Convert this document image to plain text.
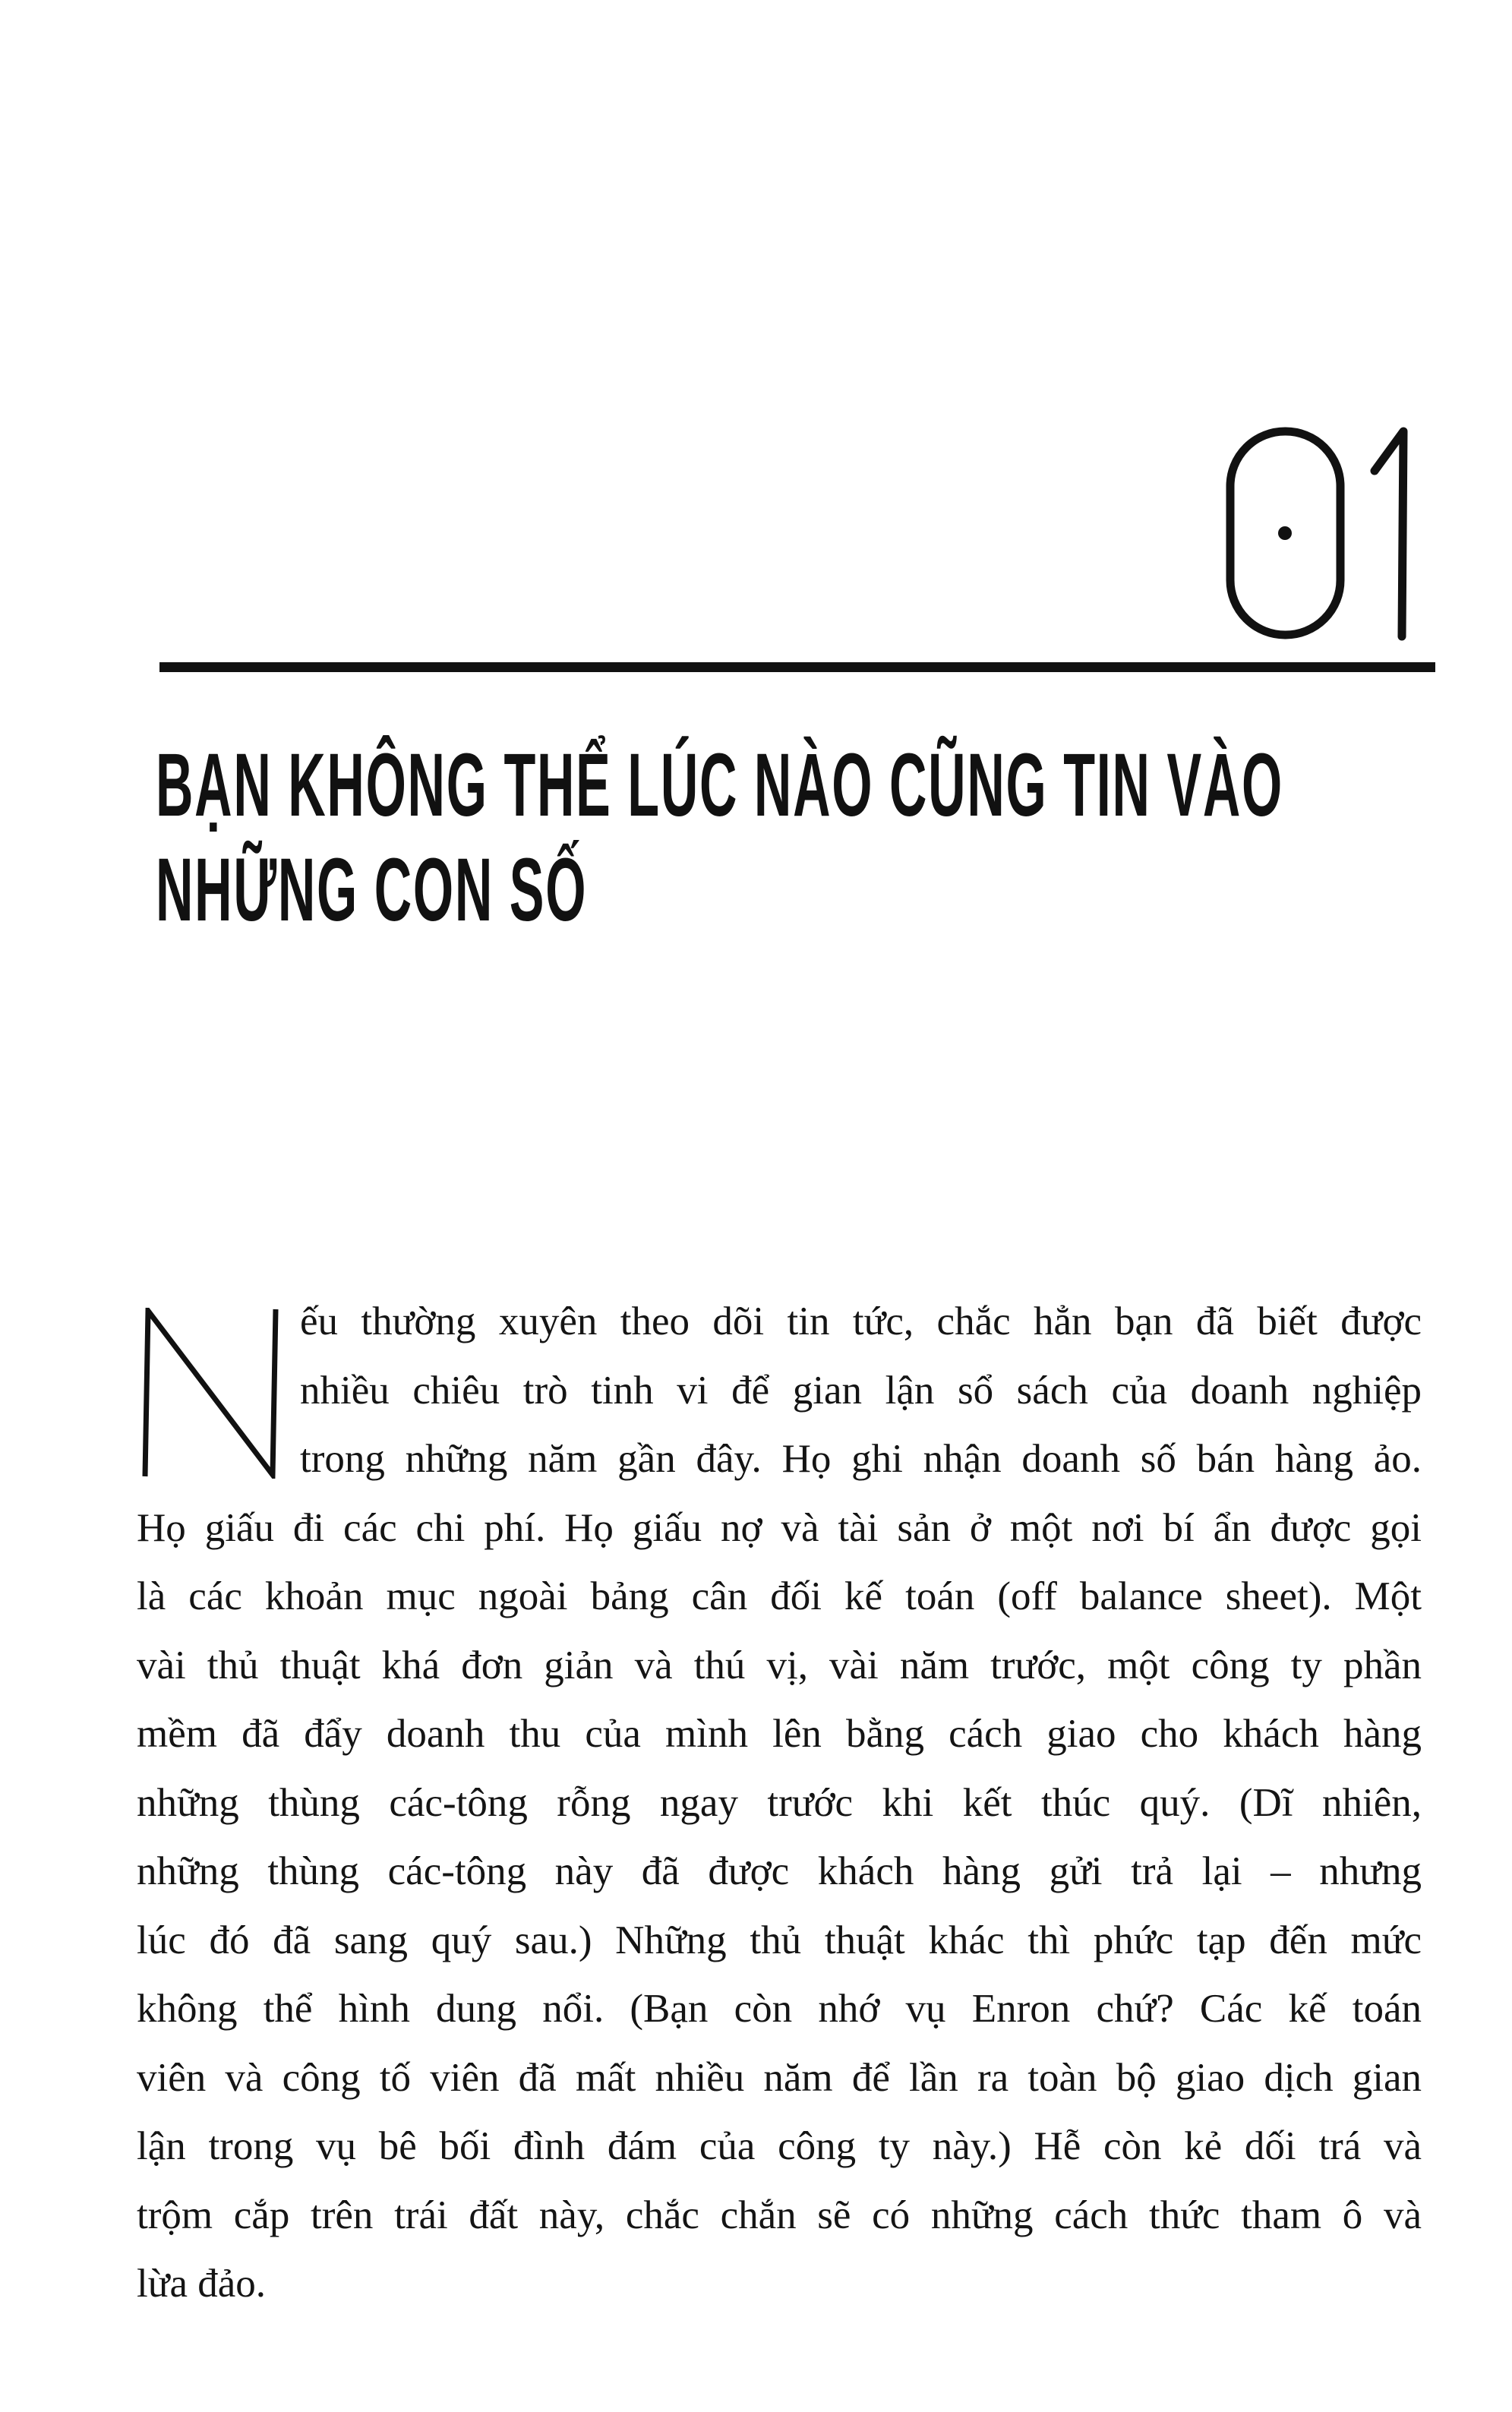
BẠN KHÔNG THỂ LÚC NÀO CŨNG TIN VÀO
NHỮNG CON SỐ
ếu thường xuyên theo dõi tin tức, chắc hẳn bạn đã biết được
nhiều chiêu trò tinh vi để gian lận sổ sách của doanh nghiệp
trong những năm gần đây. Họ ghi nhận doanh số bán hàng ảo.
Họ giấu đi các chi phí. Họ giấu nợ và tài sản ở một nơi bí ẩn được gọi
là các khoản mục ngoài bảng cân đối kế toán (off balance sheet). Một
vài thủ thuật khá đơn giản và thú vị, vài năm trước, một công ty phần
mềm đã đẩy doanh thu của mình lên bằng cách giao cho khách hàng
những thùng các-tông rỗng ngay trước khi kết thúc quý. (Dĩ nhiên,
những thùng các-tông này đã được khách hàng gửi trả lại – nhưng
lúc đó đã sang quý sau.) Những thủ thuật khác thì phức tạp đến mức
không thể hình dung nổi. (Bạn còn nhớ vụ Enron chứ? Các kế toán
viên và công tố viên đã mất nhiều năm để lần ra toàn bộ giao dịch gian
lận trong vụ bê bối đình đám của công ty này.) Hễ còn kẻ dối trá và
trộm cắp trên trái đất này, chắc chắn sẽ có những cách thức tham ô và
lừa đảo.
